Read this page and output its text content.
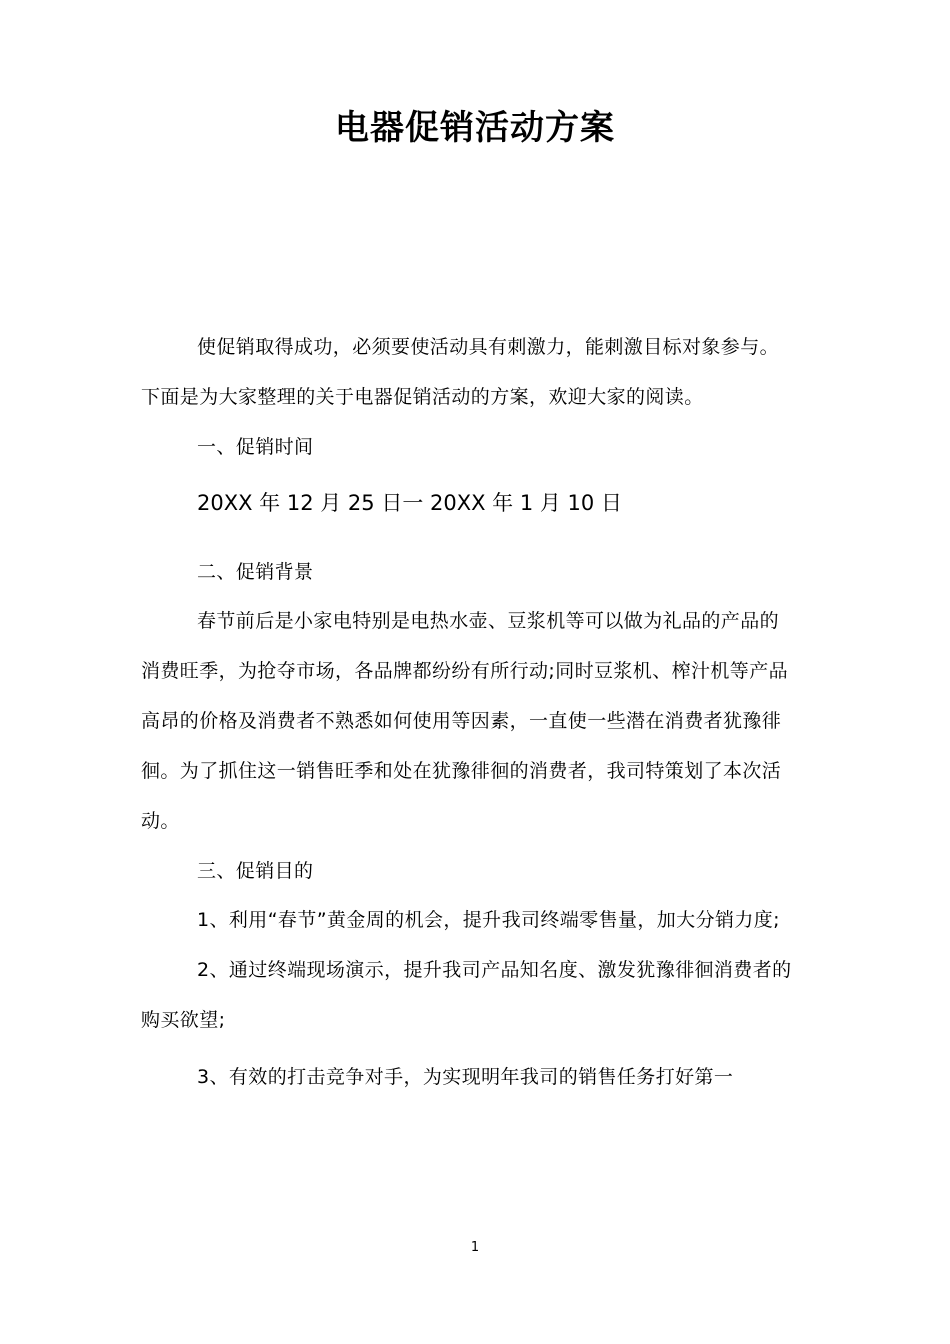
电器促销活动方案
使促销取得成功，必须要使活动具有刺激力，能刺激目标对象参与。
下面是为大家整理的关于电器促销活动的方案，欢迎大家的阅读。
一、促销时间
20XX 年 12 月 25 日一 20XX 年 1 月 10 日
二、促销背景
春节前后是小家电特别是电热水壶、豆浆机等可以做为礼品的产品的
消费旺季，为抢夺市场，各品牌都纷纷有所行动;同时豆浆机、榨汁机等产品
高昂的价格及消费者不熟悉如何使用等因素，一直使一些潜在消费者犹豫徘
徊。为了抓住这一销售旺季和处在犹豫徘徊的消费者，我司特策划了本次活
动。
三、促销目的
1、利用“春节”黄金周的机会，提升我司终端零售量，加大分销力度;
2、通过终端现场演示，提升我司产品知名度、激发犹豫徘徊消费者的
购买欲望;
3、有效的打击竞争对手，为实现明年我司的销售任务打好第一
1
